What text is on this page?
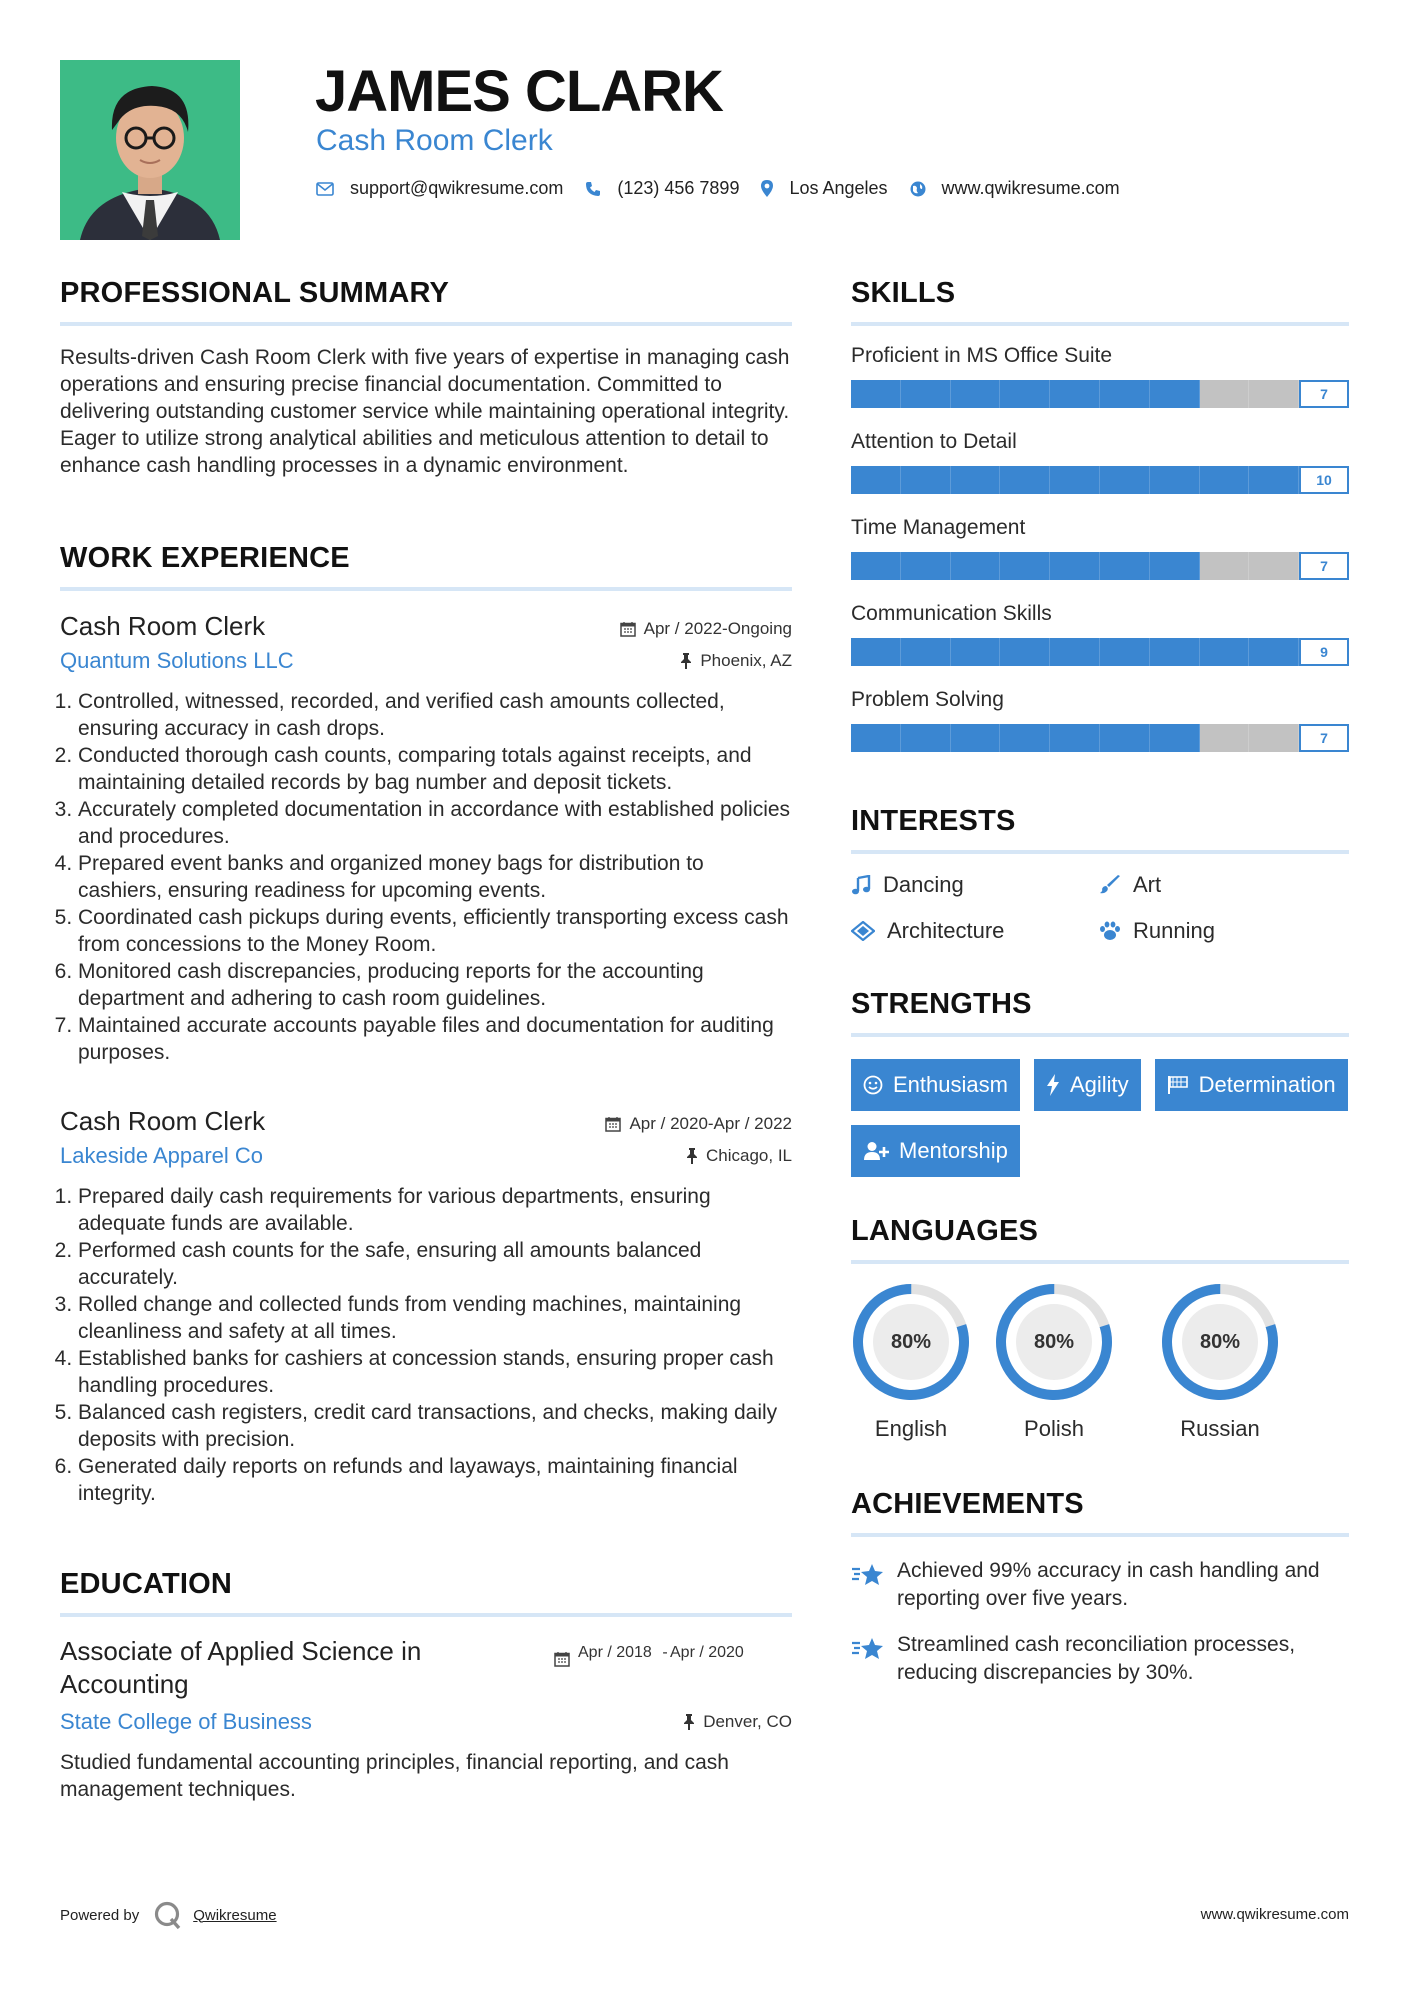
JAMES CLARK
Cash Room Clerk
support@qwikresume.com	(123) 456 7899	Los Angeles	www.qwikresume.com
PROFESSIONAL SUMMARY
Results-driven Cash Room Clerk with five years of expertise in managing cash operations and ensuring precise financial documentation. Committed to delivering outstanding customer service while maintaining operational integrity. Eager to utilize strong analytical abilities and meticulous attention to detail to enhance cash handling processes in a dynamic environment.
WORK EXPERIENCE
Cash Room Clerk	Apr / 2022-Ongoing
Quantum Solutions LLC	Phoenix, AZ
1. Controlled, witnessed, recorded, and verified cash amounts collected, ensuring accuracy in cash drops.
2. Conducted thorough cash counts, comparing totals against receipts, and maintaining detailed records by bag number and deposit tickets.
3. Accurately completed documentation in accordance with established policies and procedures.
4. Prepared event banks and organized money bags for distribution to cashiers, ensuring readiness for upcoming events.
5. Coordinated cash pickups during events, efficiently transporting excess cash from concessions to the Money Room.
6. Monitored cash discrepancies, producing reports for the accounting department and adhering to cash room guidelines.
7. Maintained accurate accounts payable files and documentation for auditing purposes.
Cash Room Clerk	Apr / 2020-Apr / 2022
Lakeside Apparel Co	Chicago, IL
1. Prepared daily cash requirements for various departments, ensuring adequate funds are available.
2. Performed cash counts for the safe, ensuring all amounts balanced accurately.
3. Rolled change and collected funds from vending machines, maintaining cleanliness and safety at all times.
4. Established banks for cashiers at concession stands, ensuring proper cash handling procedures.
5. Balanced cash registers, credit card transactions, and checks, making daily deposits with precision.
6. Generated daily reports on refunds and layaways, maintaining financial integrity.
EDUCATION
Associate of Applied Science in Accounting
Apr / 2018 - Apr / 2020
State College of Business	Denver, CO
Studied fundamental accounting principles, financial reporting, and cash management techniques.
SKILLS
Proficient in MS Office Suite
7
Attention to Detail
10
Time Management
7
Communication Skills
9
Problem Solving
7
INTERESTS
Dancing	Art
Architecture	Running
STRENGTHS
Enthusiasm	Agility	Determination
Mentorship
LANGUAGES
80%
English
80%
Polish
80%
Russian
ACHIEVEMENTS
Achieved 99% accuracy in cash handling and reporting over five years.
Streamlined cash reconciliation processes, reducing discrepancies by 30%.
Powered by	Qwikresume	www.qwikresume.com
